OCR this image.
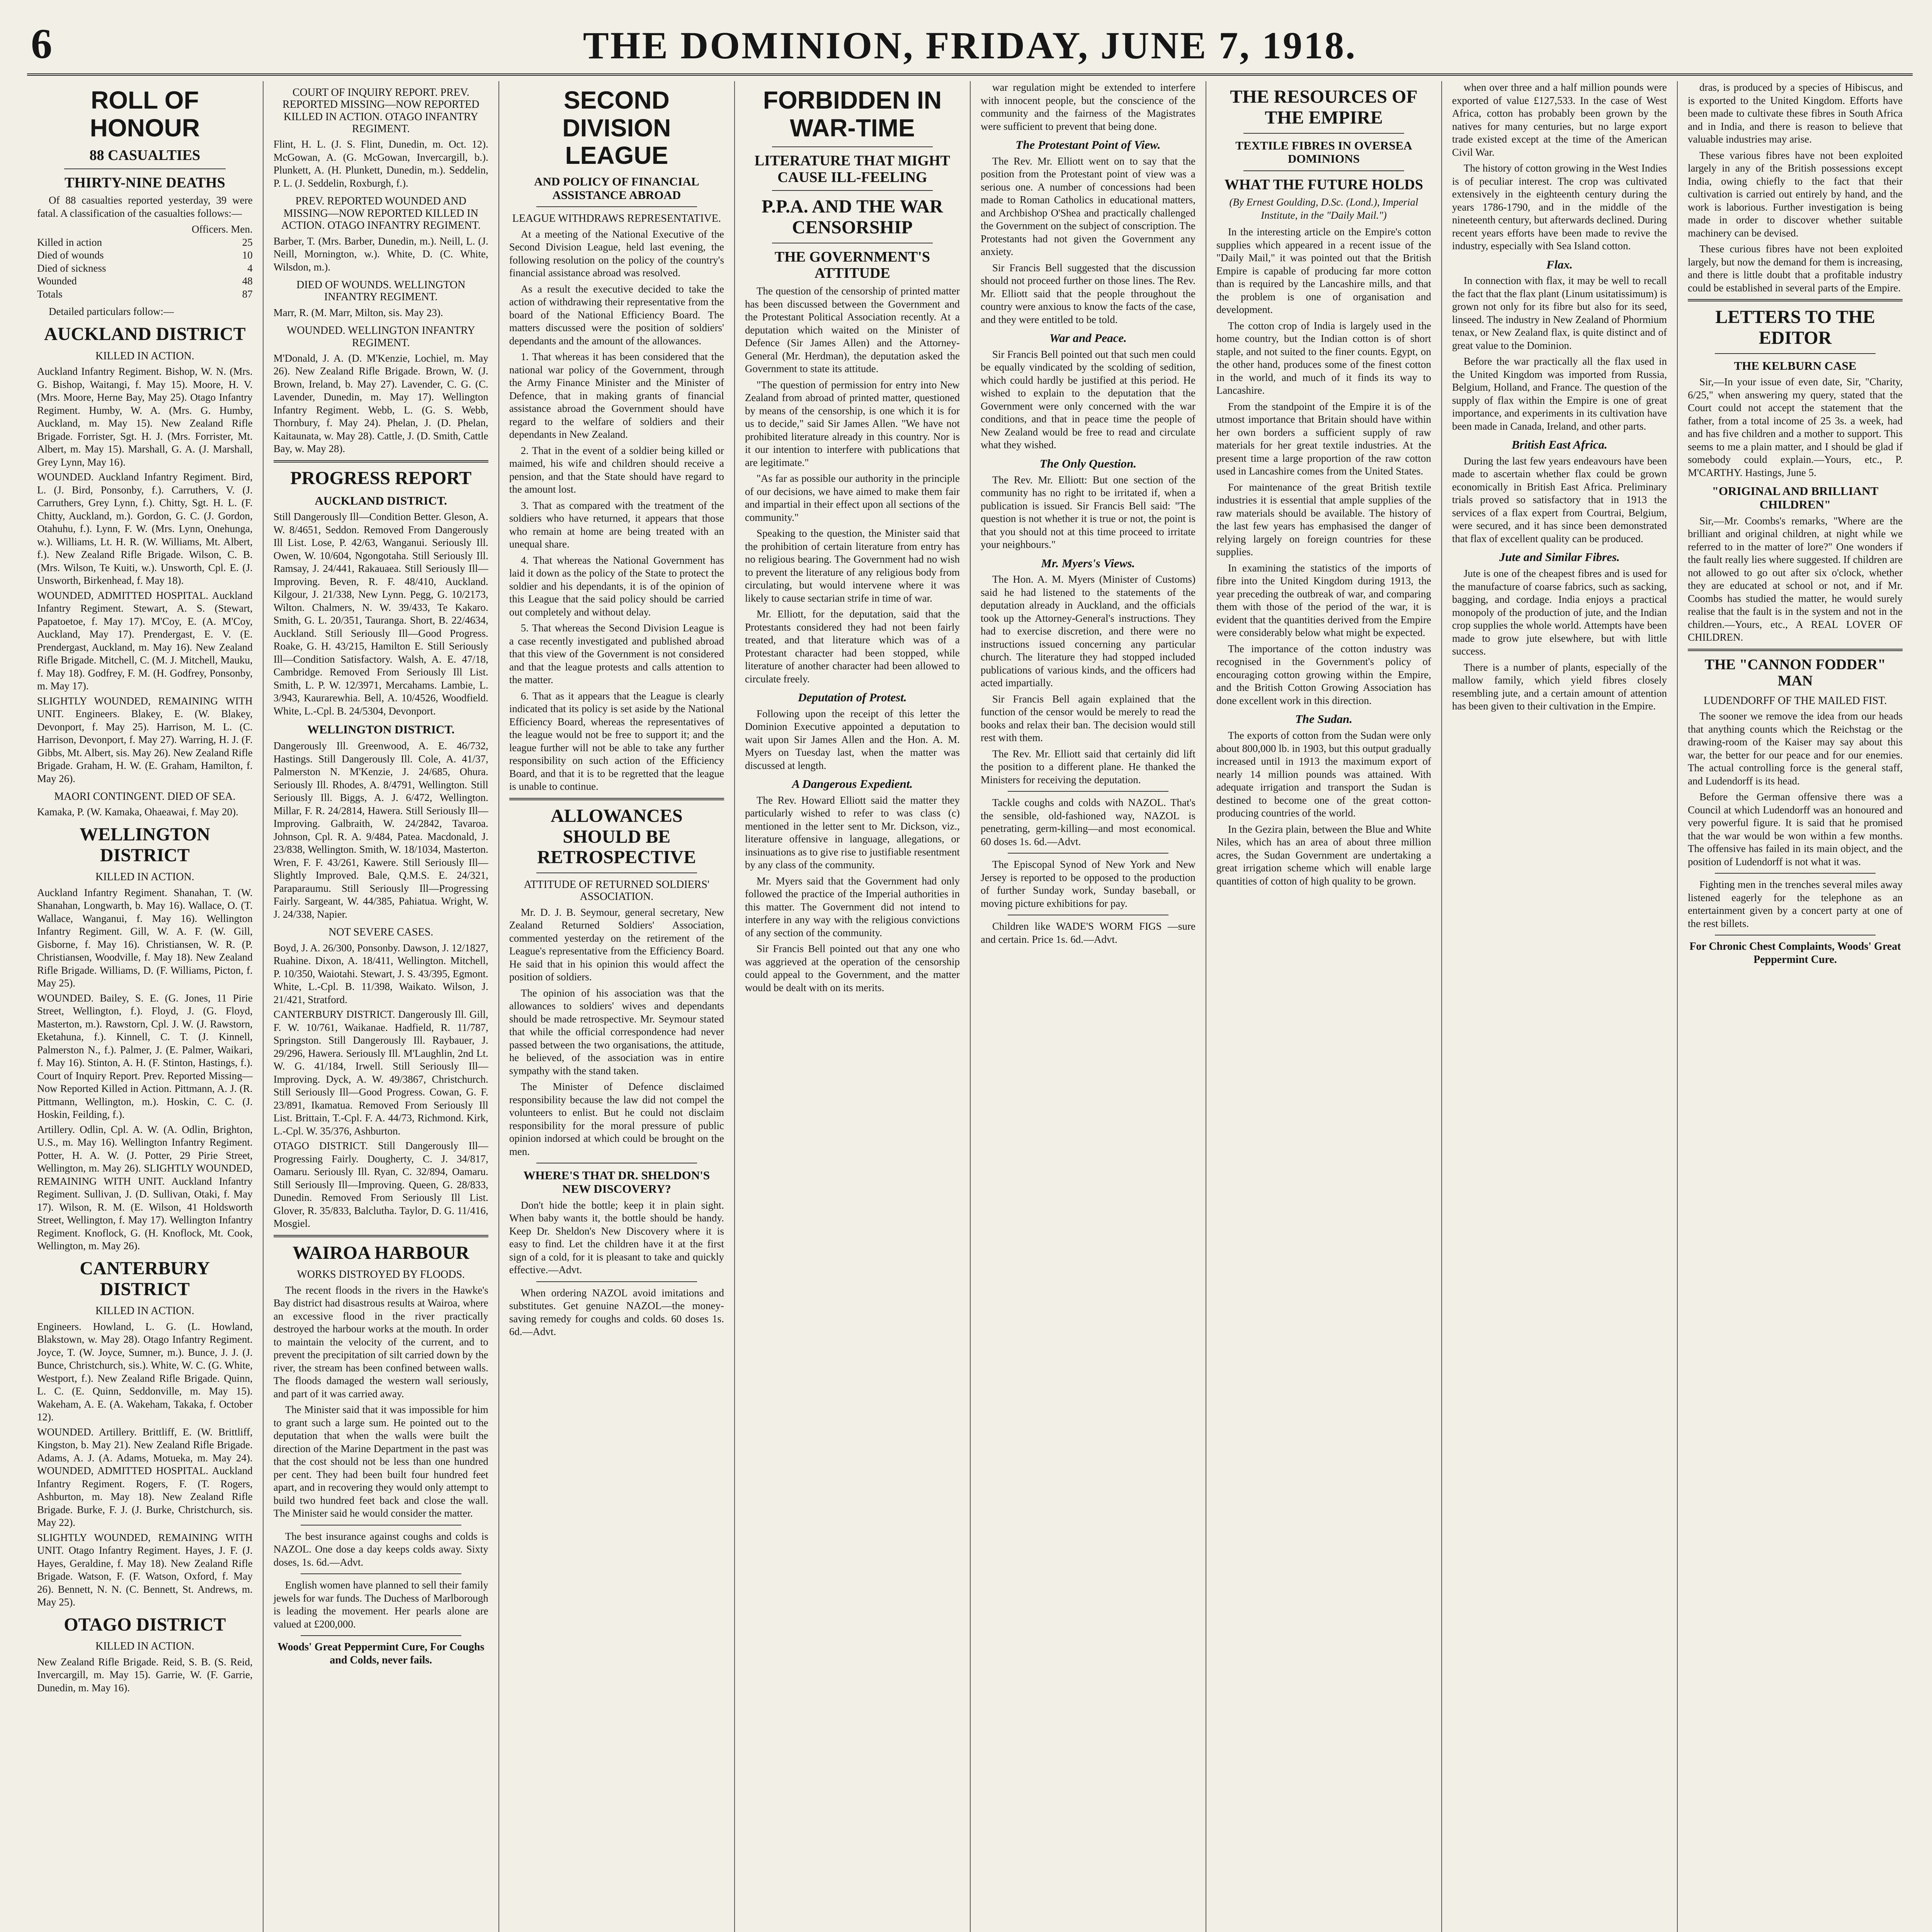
6	THE DOMINION, FRIDAY, JUNE 7, 1918.
ROLL OF HONOUR
88 CASUALTIES
THIRTY-NINE DEATHS

Of 88 casualties reported yesterday, 39 were fatal. A classification of the casualties follows:—

Officers. Men.
Killed in action	25
Died of wounds	10
Died of sickness	4
Wounded	48
Totals	87

Detailed particulars follow:—

AUCKLAND DISTRICT
KILLED IN ACTION.

Auckland Infantry Regiment. Bishop, W. N. (Mrs. G. Bishop, Waitangi, f. May 15). Moore, H. V. (Mrs. Moore, Herne Bay, May 25). Otago Infantry Regiment. Humby, W. A. (Mrs. G. Humby, Auckland, m. May 15). New Zealand Rifle Brigade. Forrister, Sgt. H. J. (Mrs. Forrister, Mt. Albert, m. May 15). Marshall, G. A. (J. Marshall, Grey Lynn, May 16).

WOUNDED. Auckland Infantry Regiment. Bird, L. (J. Bird, Ponsonby, f.). Carruthers, V. (J. Carruthers, Grey Lynn, f.). Chitty, Sgt. H. L. (F. Chitty, Auckland, m.). Gordon, G. C. (J. Gordon, Otahuhu, f.). Lynn, F. W. (Mrs. Lynn, Onehunga, w.). Williams, Lt. H. R. (W. Williams, Mt. Albert, f.). New Zealand Rifle Brigade. Wilson, C. B. (Mrs. Wilson, Te Kuiti, w.). Unsworth, Cpl. E. (J. Unsworth, Birkenhead, f. May 18).

WOUNDED, ADMITTED HOSPITAL. Auckland Infantry Regiment. Stewart, A. S. (Stewart, Papatoetoe, f. May 17). M'Coy, E. (A. M'Coy, Auckland, May 17). Prendergast, E. V. (E. Prendergast, Auckland, m. May 16). New Zealand Rifle Brigade. Mitchell, C. (M. J. Mitchell, Mauku, f. May 18). Godfrey, F. M. (H. Godfrey, Ponsonby, m. May 17).

SLIGHTLY WOUNDED, REMAINING WITH UNIT. Engineers. Blakey, E. (W. Blakey, Devonport, f. May 25). Harrison, M. L. (C. Harrison, Devonport, f. May 27). Warring, H. J. (F. Gibbs, Mt. Albert, sis. May 26). New Zealand Rifle Brigade. Graham, H. W. (E. Graham, Hamilton, f. May 26).

MAORI CONTINGENT. DIED OF SEA.

Kamaka, P. (W. Kamaka, Ohaeawai, f. May 20).

WELLINGTON DISTRICT
KILLED IN ACTION.

Auckland Infantry Regiment. Shanahan, T. (W. Shanahan, Longwarth, b. May 16). Wallace, O. (T. Wallace, Wanganui, f. May 16). Wellington Infantry Regiment. Gill, W. A. F. (W. Gill, Gisborne, f. May 16). Christiansen, W. R. (P. Christiansen, Woodville, f. May 18). New Zealand Rifle Brigade. Williams, D. (F. Williams, Picton, f. May 25).

WOUNDED. Bailey, S. E. (G. Jones, 11 Pirie Street, Wellington, f.). Floyd, J. (G. Floyd, Masterton, m.). Rawstorn, Cpl. J. W. (J. Rawstorn, Eketahuna, f.). Kinnell, C. T. (J. Kinnell, Palmerston N., f.). Palmer, J. (E. Palmer, Waikari, f. May 16). Stinton, A. H. (F. Stinton, Hastings, f.). Court of Inquiry Report. Prev. Reported Missing—Now Reported Killed in Action. Pittmann, A. J. (R. Pittmann, Wellington, m.). Hoskin, C. C. (J. Hoskin, Feilding, f.).

Artillery. Odlin, Cpl. A. W. (A. Odlin, Brighton, U.S., m. May 16). Wellington Infantry Regiment. Potter, H. A. W. (J. Potter, 29 Pirie Street, Wellington, m. May 26). SLIGHTLY WOUNDED, REMAINING WITH UNIT. Auckland Infantry Regiment. Sullivan, J. (D. Sullivan, Otaki, f. May 17). Wilson, R. M. (E. Wilson, 41 Holdsworth Street, Wellington, f. May 17). Wellington Infantry Regiment. Knoflock, G. (H. Knoflock, Mt. Cook, Wellington, m. May 26).

CANTERBURY DISTRICT
KILLED IN ACTION.

Engineers. Howland, L. G. (L. Howland, Blakstown, w. May 28). Otago Infantry Regiment. Joyce, T. (W. Joyce, Sumner, m.). Bunce, J. J. (J. Bunce, Christchurch, sis.). White, W. C. (G. White, Westport, f.). New Zealand Rifle Brigade. Quinn, L. C. (E. Quinn, Seddonville, m. May 15). Wakeham, A. E. (A. Wakeham, Takaka, f. October 12).

WOUNDED. Artillery. Brittliff, E. (W. Brittliff, Kingston, b. May 21). New Zealand Rifle Brigade. Adams, A. J. (A. Adams, Motueka, m. May 24). WOUNDED, ADMITTED HOSPITAL. Auckland Infantry Regiment. Rogers, F. (T. Rogers, Ashburton, m. May 18). New Zealand Rifle Brigade. Burke, F. J. (J. Burke, Christchurch, sis. May 22).

SLIGHTLY WOUNDED, REMAINING WITH UNIT. Otago Infantry Regiment. Hayes, J. F. (J. Hayes, Geraldine, f. May 18). New Zealand Rifle Brigade. Watson, F. (F. Watson, Oxford, f. May 26). Bennett, N. N. (C. Bennett, St. Andrews, m. May 25).

OTAGO DISTRICT
KILLED IN ACTION.

New Zealand Rifle Brigade. Reid, S. B. (S. Reid, Invercargill, m. May 15). Garrie, W. (F. Garrie, Dunedin, m. May 16).

COURT OF INQUIRY REPORT. PREV. REPORTED MISSING—NOW REPORTED KILLED IN ACTION. OTAGO INFANTRY REGIMENT.

Flint, H. L. (J. S. Flint, Dunedin, m. Oct. 12). McGowan, A. (G. McGowan, Invercargill, b.). Plunkett, A. (H. Plunkett, Dunedin, m.). Seddelin, P. L. (J. Seddelin, Roxburgh, f.).

PREV. REPORTED WOUNDED AND MISSING—NOW REPORTED KILLED IN ACTION. OTAGO INFANTRY REGIMENT.

Barber, T. (Mrs. Barber, Dunedin, m.). Neill, L. (J. Neill, Mornington, w.). White, D. (C. White, Wilsdon, m.).

DIED OF WOUNDS. WELLINGTON INFANTRY REGIMENT.

Marr, R. (M. Marr, Milton, sis. May 23).

WOUNDED. WELLINGTON INFANTRY REGIMENT.

M'Donald, J. A. (D. M'Kenzie, Lochiel, m. May 26). New Zealand Rifle Brigade. Brown, W. (J. Brown, Ireland, b. May 27). Lavender, C. G. (C. Lavender, Dunedin, m. May 17). Wellington Infantry Regiment. Webb, L. (G. S. Webb, Thornbury, f. May 24). Phelan, J. (D. Phelan, Kaitaunata, w. May 28). Cattle, J. (D. Smith, Cattle Bay, w. May 28).

PROGRESS REPORT
AUCKLAND DISTRICT.

Still Dangerously Ill—Condition Better. Gleson, A. W. 8/4651, Seddon. Removed From Dangerously Ill List. Lose, P. 42/63, Wanganui. Seriously Ill. Owen, W. 10/604, Ngongotaha. Still Seriously Ill. Ramsay, J. 24/441, Rakauaea. Still Seriously Ill—Improving. Beven, R. F. 48/410, Auckland. Kilgour, J. 21/338, New Lynn. Pegg, G. 10/2173, Wilton. Chalmers, N. W. 39/433, Te Kakaro. Smith, G. L. 20/351, Tauranga. Short, B. 22/4634, Auckland. Still Seriously Ill—Good Progress. Roake, G. H. 43/215, Hamilton E. Still Seriously Ill—Condition Satisfactory. Walsh, A. E. 47/18, Cambridge. Removed From Seriously Ill List. Smith, L. P. W. 12/3971, Mercahams. Lambie, L. 3/943, Kaurarewhia. Bell, A. 10/4526, Woodfield. White, L.-Cpl. B. 24/5304, Devonport.

WELLINGTON DISTRICT.

Dangerously Ill. Greenwood, A. E. 46/732, Hastings. Still Dangerously Ill. Cole, A. 41/37, Palmerston N. M'Kenzie, J. 24/685, Ohura. Seriously Ill. Rhodes, A. 8/4791, Wellington. Still Seriously Ill. Biggs, A. J. 6/472, Wellington. Millar, F. R. 24/2814, Hawera. Still Seriously Ill—Improving. Galbraith, W. 24/2842, Tavaroa. Johnson, Cpl. R. A. 9/484, Patea. Macdonald, J. 23/838, Wellington. Smith, W. 18/1034, Masterton. Wren, F. F. 43/261, Kawere. Still Seriously Ill—Slightly Improved. Bale, Q.M.S. E. 24/321, Paraparaumu. Still Seriously Ill—Progressing Fairly. Sargeant, W. 44/385, Pahiatua. Wright, W. J. 24/338, Napier.

NOT SEVERE CASES.

Boyd, J. A. 26/300, Ponsonby. Dawson, J. 12/1827, Ruahine. Dixon, A. 18/411, Wellington. Mitchell, P. 10/350, Waiotahi. Stewart, J. S. 43/395, Egmont. White, L.-Cpl. B. 11/398, Waikato. Wilson, J. 21/421, Stratford.

CANTERBURY DISTRICT. Dangerously Ill. Gill, F. W. 10/761, Waikanae. Hadfield, R. 11/787, Springston. Still Dangerously Ill. Raybauer, J. 29/296, Hawera. Seriously Ill. M'Laughlin, 2nd Lt. W. G. 41/184, Irwell. Still Seriously Ill—Improving. Dyck, A. W. 49/3867, Christchurch. Still Seriously Ill—Good Progress. Cowan, G. F. 23/891, Ikamatua. Removed From Seriously Ill List. Brittain, T.-Cpl. F. A. 44/73, Richmond. Kirk, L.-Cpl. W. 35/376, Ashburton.

OTAGO DISTRICT. Still Dangerously Ill—Progressing Fairly. Dougherty, C. J. 34/817, Oamaru. Seriously Ill. Ryan, C. 32/894, Oamaru. Still Seriously Ill—Improving. Queen, G. 28/833, Dunedin. Removed From Seriously Ill List. Glover, R. 35/833, Balclutha. Taylor, D. G. 11/416, Mosgiel.

WAIROA HARBOUR
WORKS DISTROYED BY FLOODS.

The recent floods in the rivers in the Hawke's Bay district had disastrous results at Wairoa, where an excessive flood in the river practically destroyed the harbour works at the mouth. In order to maintain the velocity of the current, and to prevent the precipitation of silt carried down by the river, the stream has been confined between walls. The floods damaged the western wall seriously, and part of it was carried away.

The Minister said that it was impossible for him to grant such a large sum. He pointed out to the deputation that when the walls were built the direction of the Marine Department in the past was that the cost should not be less than one hundred per cent. They had been built four hundred feet apart, and in recovering they would only attempt to build two hundred feet back and close the wall. The Minister said he would consider the matter.

The best insurance against coughs and colds is NAZOL. One dose a day keeps colds away. Sixty doses, 1s. 6d.—Advt.

English women have planned to sell their family jewels for war funds. The Duchess of Marlborough is leading the movement. Her pearls alone are valued at £200,000.

Woods' Great Peppermint Cure, For Coughs and Colds, never fails.

SECOND DIVISION LEAGUE
AND POLICY OF FINANCIAL ASSISTANCE ABROAD
LEAGUE WITHDRAWS REPRESENTATIVE.

At a meeting of the National Executive of the Second Division League, held last evening, the following resolution on the policy of the country's financial assistance abroad was resolved.

As a result the executive decided to take the action of withdrawing their representative from the board of the National Efficiency Board. The matters discussed were the position of soldiers' dependants and the amount of the allowances.

1. That whereas it has been considered that the national war policy of the Government, through the Army Finance Minister and the Minister of Defence, that in making grants of financial assistance abroad the Government should have regard to the welfare of soldiers and their dependants in New Zealand.

2. That in the event of a soldier being killed or maimed, his wife and children should receive a pension, and that the State should have regard to the amount lost.

3. That as compared with the treatment of the soldiers who have returned, it appears that those who remain at home are being treated with an unequal share.

4. That whereas the National Government has laid it down as the policy of the State to protect the soldier and his dependants, it is of the opinion of this League that the said policy should be carried out completely and without delay.

5. That whereas the Second Division League is a case recently investigated and published abroad that this view of the Government is not considered and that the league protests and calls attention to the matter.

6. That as it appears that the League is clearly indicated that its policy is set aside by the National Efficiency Board, whereas the representatives of the league would not be free to support it; and the league further will not be able to take any further responsibility on such action of the Efficiency Board, and that it is to be regretted that the league is unable to continue.

ALLOWANCES SHOULD BE RETROSPECTIVE
ATTITUDE OF RETURNED SOLDIERS' ASSOCIATION.

Mr. D. J. B. Seymour, general secretary, New Zealand Returned Soldiers' Association, commented yesterday on the retirement of the League's representative from the Efficiency Board. He said that in his opinion this would affect the position of soldiers.

The opinion of his association was that the allowances to soldiers' wives and dependants should be made retrospective. Mr. Seymour stated that while the official correspondence had never passed between the two organisations, the attitude, he believed, of the association was in entire sympathy with the stand taken.

The Minister of Defence disclaimed responsibility because the law did not compel the volunteers to enlist. But he could not disclaim responsibility for the moral pressure of public opinion indorsed at which could be brought on the men.

WHERE'S THAT DR. SHELDON'S NEW DISCOVERY?

Don't hide the bottle; keep it in plain sight. When baby wants it, the bottle should be handy. Keep Dr. Sheldon's New Discovery where it is easy to find. Let the children have it at the first sign of a cold, for it is pleasant to take and quickly effective.—Advt.

When ordering NAZOL avoid imitations and substitutes. Get genuine NAZOL—the money-saving remedy for coughs and colds. 60 doses 1s. 6d.—Advt.

FORBIDDEN IN WAR-TIME
LITERATURE THAT MIGHT CAUSE ILL-FEELING
P.P.A. AND THE WAR CENSORSHIP
THE GOVERNMENT'S ATTITUDE

The question of the censorship of printed matter has been discussed between the Government and the Protestant Political Association recently. At a deputation which waited on the Minister of Defence (Sir James Allen) and the Attorney-General (Mr. Herdman), the deputation asked the Government to state its attitude.

"The question of permission for entry into New Zealand from abroad of printed matter, questioned by means of the censorship, is one which it is for us to decide," said Sir James Allen. "We have not prohibited literature already in this country. Nor is it our intention to interfere with publications that are legitimate."

"As far as possible our authority in the principle of our decisions, we have aimed to make them fair and impartial in their effect upon all sections of the community."

Speaking to the question, the Minister said that the prohibition of certain literature from entry has no religious bearing. The Government had no wish to prevent the literature of any religious body from circulating, but would intervene where it was likely to cause sectarian strife in time of war.

Mr. Elliott, for the deputation, said that the Protestants considered they had not been fairly treated, and that literature which was of a Protestant character had been stopped, while literature of another character had been allowed to circulate freely.

Deputation of Protest.

Following upon the receipt of this letter the Dominion Executive appointed a deputation to wait upon Sir James Allen and the Hon. A. M. Myers on Tuesday last, when the matter was discussed at length.

A Dangerous Expedient.

The Rev. Howard Elliott said the matter they particularly wished to refer to was class (c) mentioned in the letter sent to Mr. Dickson, viz., literature offensive in language, allegations, or insinuations as to give rise to justifiable resentment by any class of the community.

Mr. Myers said that the Government had only followed the practice of the Imperial authorities in this matter. The Government did not intend to interfere in any way with the religious convictions of any section of the community.

Sir Francis Bell pointed out that any one who was aggrieved at the operation of the censorship could appeal to the Government, and the matter would be dealt with on its merits.

war regulation might be extended to interfere with innocent people, but the conscience of the community and the fairness of the Magistrates were sufficient to prevent that being done.

The Protestant Point of View.

The Rev. Mr. Elliott went on to say that the position from the Protestant point of view was a serious one. A number of concessions had been made to Roman Catholics in educational matters, and Archbishop O'Shea and practically challenged the Government on the subject of conscription. The Protestants had not given the Government any anxiety.

Sir Francis Bell suggested that the discussion should not proceed further on those lines. The Rev. Mr. Elliott said that the people throughout the country were anxious to know the facts of the case, and they were entitled to be told.

War and Peace.

Sir Francis Bell pointed out that such men could be equally vindicated by the scolding of sedition, which could hardly be justified at this period. He wished to explain to the deputation that the Government were only concerned with the war conditions, and that in peace time the people of New Zealand would be free to read and circulate what they wished.

The Only Question.

The Rev. Mr. Elliott: But one section of the community has no right to be irritated if, when a publication is issued. Sir Francis Bell said: "The question is not whether it is true or not, the point is that you should not at this time proceed to irritate your neighbours."

Mr. Myers's Views.

The Hon. A. M. Myers (Minister of Customs) said he had listened to the statements of the deputation already in Auckland, and the officials took up the Attorney-General's instructions. They had to exercise discretion, and there were no instructions issued concerning any particular church. The literature they had stopped included publications of various kinds, and the officers had acted impartially.

Sir Francis Bell again explained that the function of the censor would be merely to read the books and relax their ban. The decision would still rest with them.

The Rev. Mr. Elliott said that certainly did lift the position to a different plane. He thanked the Ministers for receiving the deputation.

Tackle coughs and colds with NAZOL. That's the sensible, old-fashioned way, NAZOL is penetrating, germ-killing—and most economical. 60 doses 1s. 6d.—Advt.

The Episcopal Synod of New York and New Jersey is reported to be opposed to the production of further Sunday work, Sunday baseball, or moving picture exhibitions for pay.

Children like WADE'S WORM FIGS —sure and certain. Price 1s. 6d.—Advt.

THE RESOURCES OF THE EMPIRE
TEXTILE FIBRES IN OVERSEA DOMINIONS
WHAT THE FUTURE HOLDS

(By Ernest Goulding, D.Sc. (Lond.), Imperial Institute, in the "Daily Mail.")

In the interesting article on the Empire's cotton supplies which appeared in a recent issue of the "Daily Mail," it was pointed out that the British Empire is capable of producing far more cotton than is required by the Lancashire mills, and that the problem is one of organisation and development.

The cotton crop of India is largely used in the home country, but the Indian cotton is of short staple, and not suited to the finer counts. Egypt, on the other hand, produces some of the finest cotton in the world, and much of it finds its way to Lancashire.

From the standpoint of the Empire it is of the utmost importance that Britain should have within her own borders a sufficient supply of raw materials for her great textile industries. At the present time a large proportion of the raw cotton used in Lancashire comes from the United States.

For maintenance of the great British textile industries it is essential that ample supplies of the raw materials should be available. The history of the last few years has emphasised the danger of relying largely on foreign countries for these supplies.

In examining the statistics of the imports of fibre into the United Kingdom during 1913, the year preceding the outbreak of war, and comparing them with those of the period of the war, it is evident that the quantities derived from the Empire were considerably below what might be expected.

The importance of the cotton industry was recognised in the Government's policy of encouraging cotton growing within the Empire, and the British Cotton Growing Association has done excellent work in this direction.

The Sudan.

The exports of cotton from the Sudan were only about 800,000 lb. in 1903, but this output gradually increased until in 1913 the maximum export of nearly 14 million pounds was attained. With adequate irrigation and transport the Sudan is destined to become one of the great cotton-producing countries of the world.

In the Gezira plain, between the Blue and White Niles, which has an area of about three million acres, the Sudan Government are undertaking a great irrigation scheme which will enable large quantities of cotton of high quality to be grown.

when over three and a half million pounds were exported of value £127,533. In the case of West Africa, cotton has probably been grown by the natives for many centuries, but no large export trade existed except at the time of the American Civil War.

The history of cotton growing in the West Indies is of peculiar interest. The crop was cultivated extensively in the eighteenth century during the years 1786-1790, and in the middle of the nineteenth century, but afterwards declined. During recent years efforts have been made to revive the industry, especially with Sea Island cotton.

Flax.

In connection with flax, it may be well to recall the fact that the flax plant (Linum usitatissimum) is grown not only for its fibre but also for its seed, linseed. The industry in New Zealand of Phormium tenax, or New Zealand flax, is quite distinct and of great value to the Dominion.

Before the war practically all the flax used in the United Kingdom was imported from Russia, Belgium, Holland, and France. The question of the supply of flax within the Empire is one of great importance, and experiments in its cultivation have been made in Canada, Ireland, and other parts.

British East Africa.

During the last few years endeavours have been made to ascertain whether flax could be grown economically in British East Africa. Preliminary trials proved so satisfactory that in 1913 the services of a flax expert from Courtrai, Belgium, were secured, and it has since been demonstrated that flax of excellent quality can be produced.

Jute and Similar Fibres.

Jute is one of the cheapest fibres and is used for the manufacture of coarse fabrics, such as sacking, bagging, and cordage. India enjoys a practical monopoly of the production of jute, and the Indian crop supplies the whole world. Attempts have been made to grow jute elsewhere, but with little success.

There is a number of plants, especially of the mallow family, which yield fibres closely resembling jute, and a certain amount of attention has been given to their cultivation in the Empire.

dras, is produced by a species of Hibiscus, and is exported to the United Kingdom. Efforts have been made to cultivate these fibres in South Africa and in India, and there is reason to believe that valuable industries may arise.

These various fibres have not been exploited largely in any of the British possessions except India, owing chiefly to the fact that their cultivation is carried out entirely by hand, and the work is laborious. Further investigation is being made in order to discover whether suitable machinery can be devised.

These curious fibres have not been exploited largely, but now the demand for them is increasing, and there is little doubt that a profitable industry could be established in several parts of the Empire.

LETTERS TO THE EDITOR
THE KELBURN CASE

Sir,—In your issue of even date, Sir, "Charity, 6/25," when answering my query, stated that the Court could not accept the statement that the father, from a total income of 25 3s. a week, had and has five children and a mother to support. This seems to me a plain matter, and I should be glad if somebody could explain.—Yours, etc., P. M'CARTHY. Hastings, June 5.

"ORIGINAL AND BRILLIANT CHILDREN"

Sir,—Mr. Coombs's remarks, "Where are the brilliant and original children, at night while we referred to in the matter of lore?" One wonders if the fault really lies where suggested. If children are not allowed to go out after six o'clock, whether they are educated at school or not, and if Mr. Coombs has studied the matter, he would surely realise that the fault is in the system and not in the children.—Yours, etc., A REAL LOVER OF CHILDREN.

THE "CANNON FODDER" MAN
LUDENDORFF OF THE MAILED FIST.

The sooner we remove the idea from our heads that anything counts which the Reichstag or the drawing-room of the Kaiser may say about this war, the better for our peace and for our enemies. The actual controlling force is the general staff, and Ludendorff is its head.

Before the German offensive there was a Council at which Ludendorff was an honoured and very powerful figure. It is said that he promised that the war would be won within a few months. The offensive has failed in its main object, and the position of Ludendorff is not what it was.

Fighting men in the trenches several miles away listened eagerly for the telephone as an entertainment given by a concert party at one of the rest billets.

For Chronic Chest Complaints, Woods' Great Peppermint Cure.
